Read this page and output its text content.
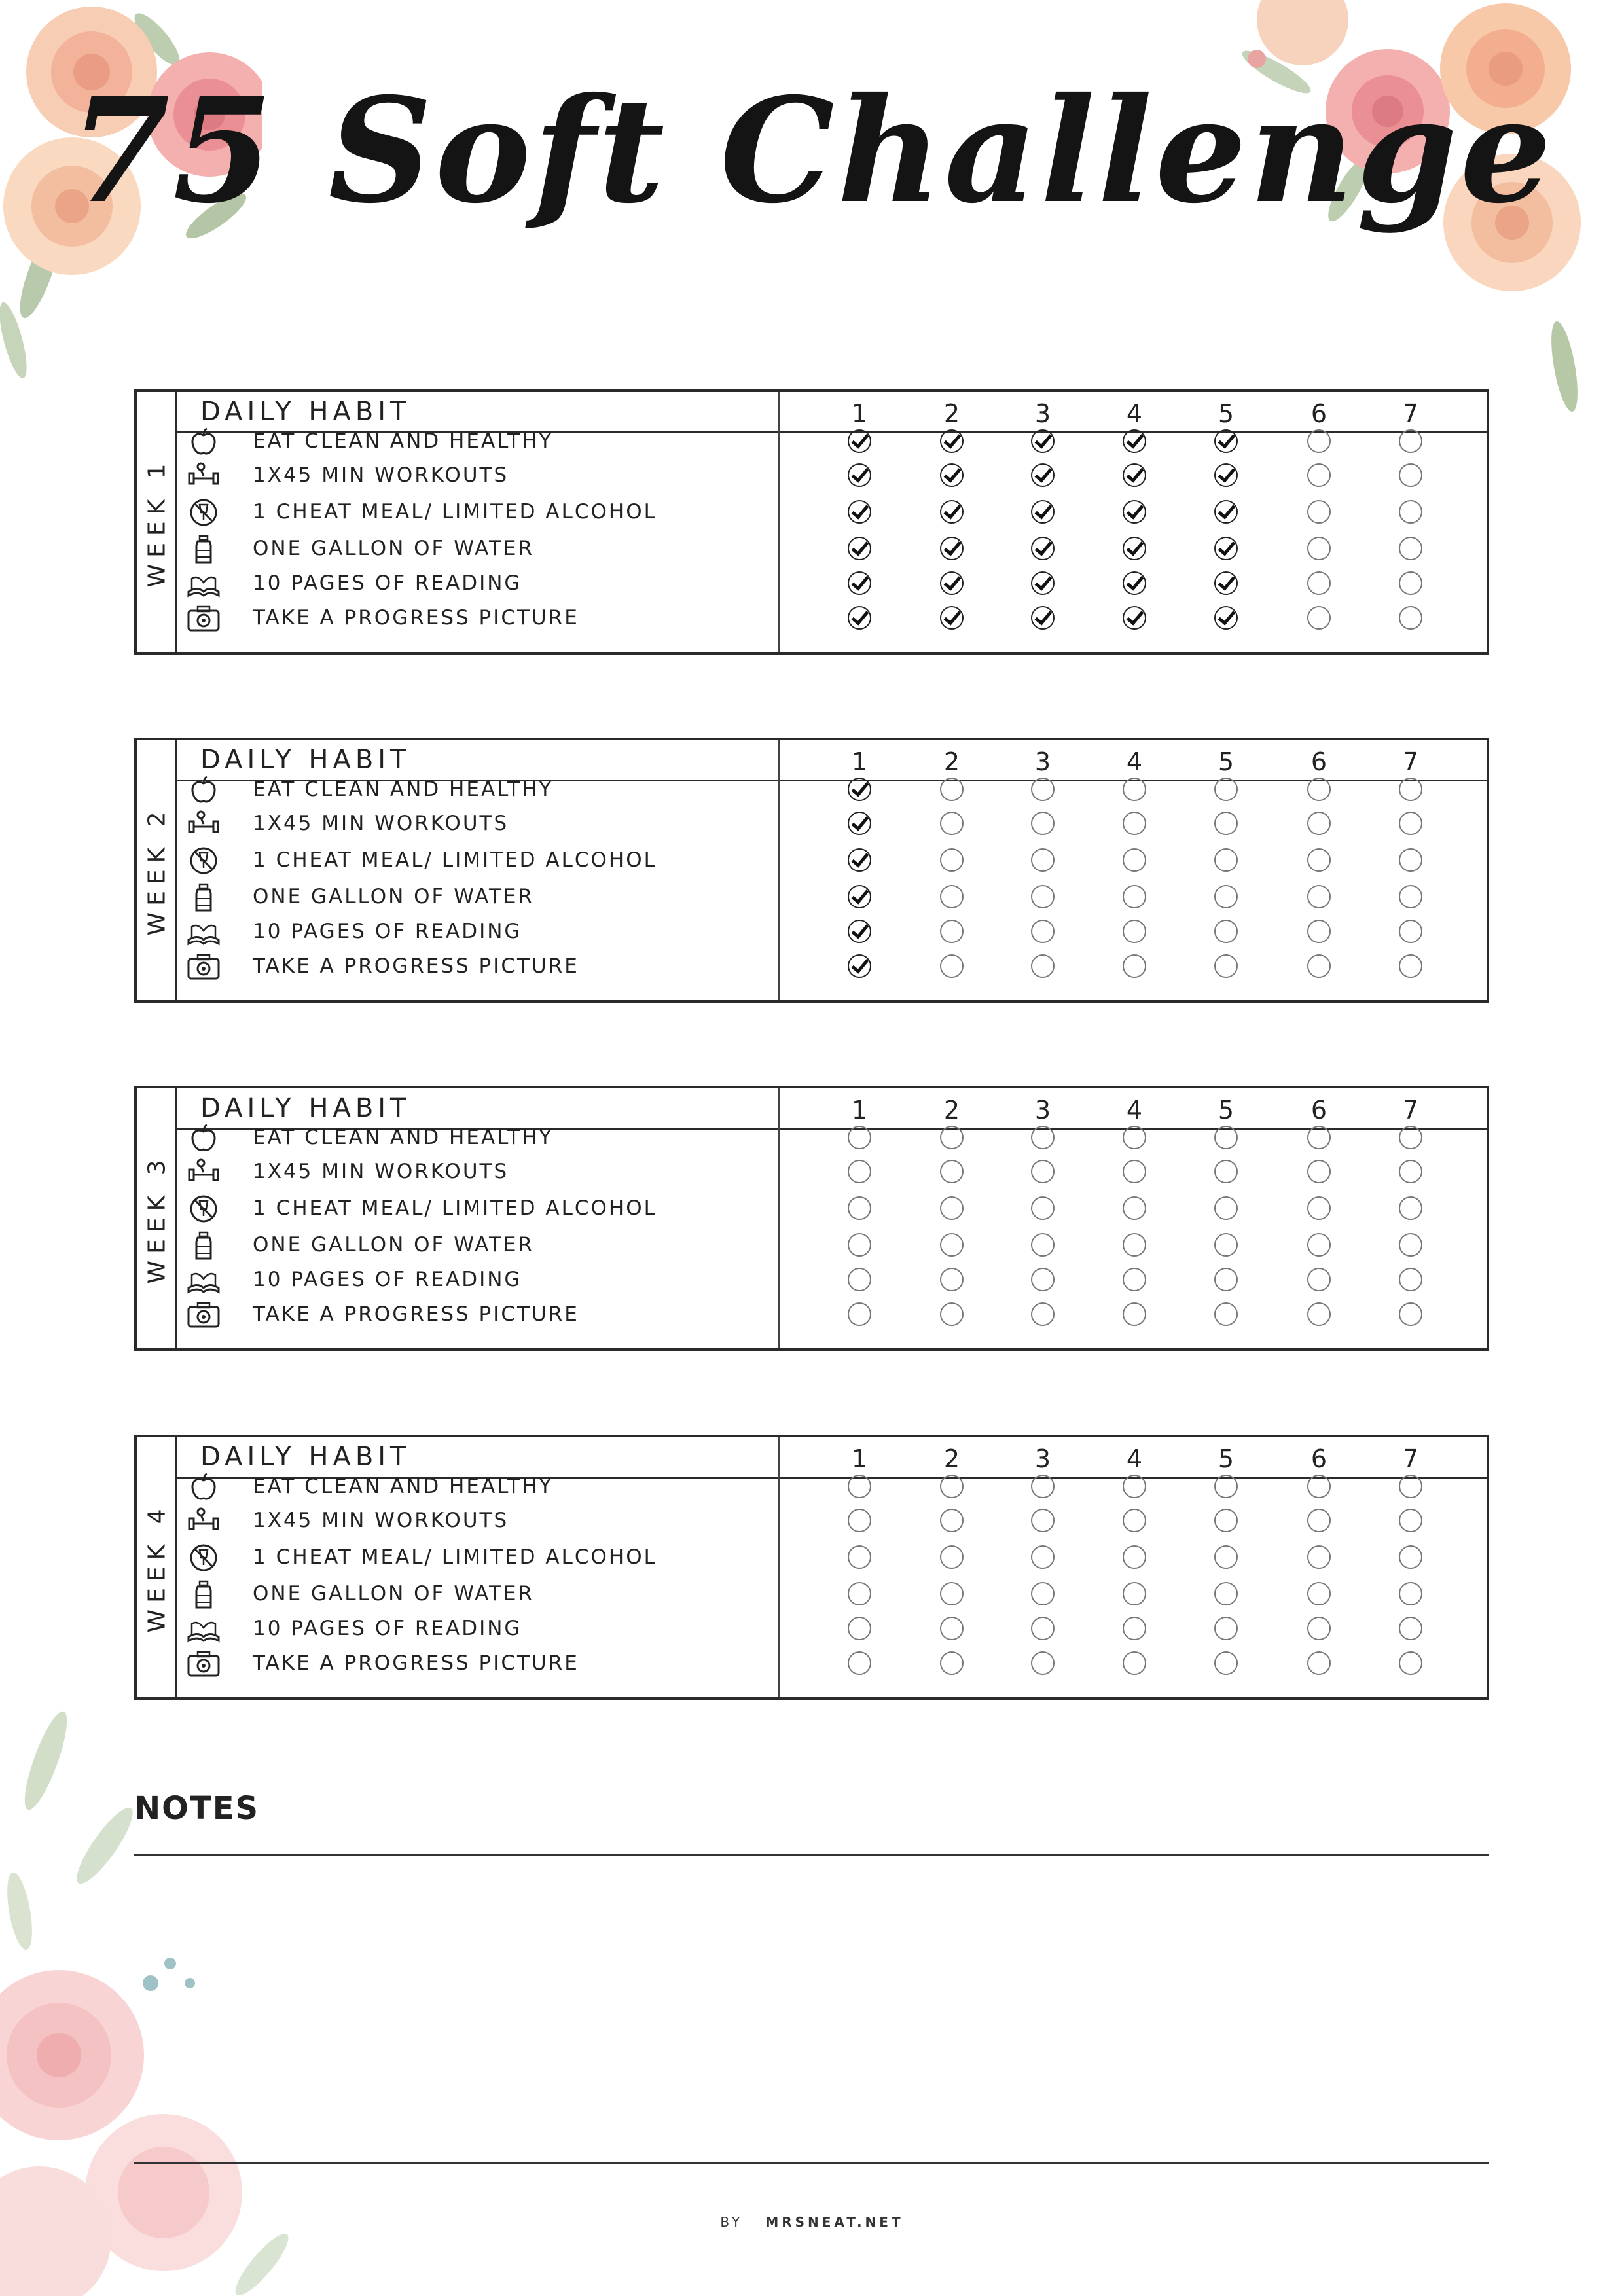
75 Soft Challenge
WEEK 1
DAILY HABIT	1	2	3	4	5	6	7
EAT CLEAN AND HEALTHY
1X45 MIN WORKOUTS
1 CHEAT MEAL/ LIMITED ALCOHOL
ONE GALLON OF WATER
10 PAGES OF READING
TAKE A PROGRESS PICTURE
WEEK 2
DAILY HABIT	1	2	3	4	5	6	7
EAT CLEAN AND HEALTHY
1X45 MIN WORKOUTS
1 CHEAT MEAL/ LIMITED ALCOHOL
ONE GALLON OF WATER
10 PAGES OF READING
TAKE A PROGRESS PICTURE
WEEK 3
DAILY HABIT	1	2	3	4	5	6	7
EAT CLEAN AND HEALTHY
1X45 MIN WORKOUTS
1 CHEAT MEAL/ LIMITED ALCOHOL
ONE GALLON OF WATER
10 PAGES OF READING
TAKE A PROGRESS PICTURE
WEEK 4
DAILY HABIT	1	2	3	4	5	6	7
EAT CLEAN AND HEALTHY
1X45 MIN WORKOUTS
1 CHEAT MEAL/ LIMITED ALCOHOL
ONE GALLON OF WATER
10 PAGES OF READING
TAKE A PROGRESS PICTURE
NOTES
BY MRSNEAT.NET
